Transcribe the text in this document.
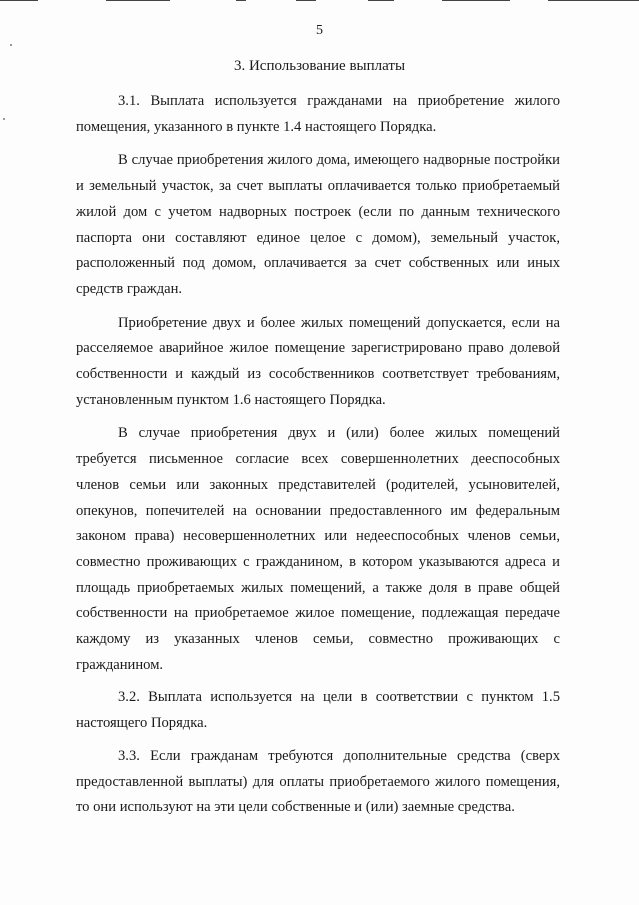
5
3. Использование выплаты

3.1. Выплата используется гражданами на приобретение жилого помещения, указанного в пункте 1.4 настоящего Порядка.

В случае приобретения жилого дома, имеющего надворные постройки и земельный участок, за счет выплаты оплачивается только приобретаемый жилой дом с учетом надворных построек (если по данным технического паспорта они составляют единое целое с домом), земельный участок, расположенный под домом, оплачивается за счет собственных или иных средств граждан.

Приобретение двух и более жилых помещений допускается, если на расселяемое аварийное жилое помещение зарегистрировано право долевой собственности и каждый из сособственников соответствует требованиям, установленным пунктом 1.6 настоящего Порядка.

В случае приобретения двух и (или) более жилых помещений требуется письменное согласие всех совершеннолетних дееспособных членов семьи или законных представителей (родителей, усыновителей, опекунов, попечителей на основании предоставленного им федеральным законом права) несовершеннолетних или недееспособных членов семьи, совместно проживающих с гражданином, в котором указываются адреса и площадь приобретаемых жилых помещений, а также доля в праве общей собственности на приобретаемое жилое помещение, подлежащая передаче каждому из указанных членов семьи, совместно проживающих с гражданином.

3.2. Выплата используется на цели в соответствии с пунктом 1.5 настоящего Порядка.

3.3. Если гражданам требуются дополнительные средства (сверх предоставленной выплаты) для оплаты приобретаемого жилого помещения, то они используют на эти цели собственные и (или) заемные средства.
